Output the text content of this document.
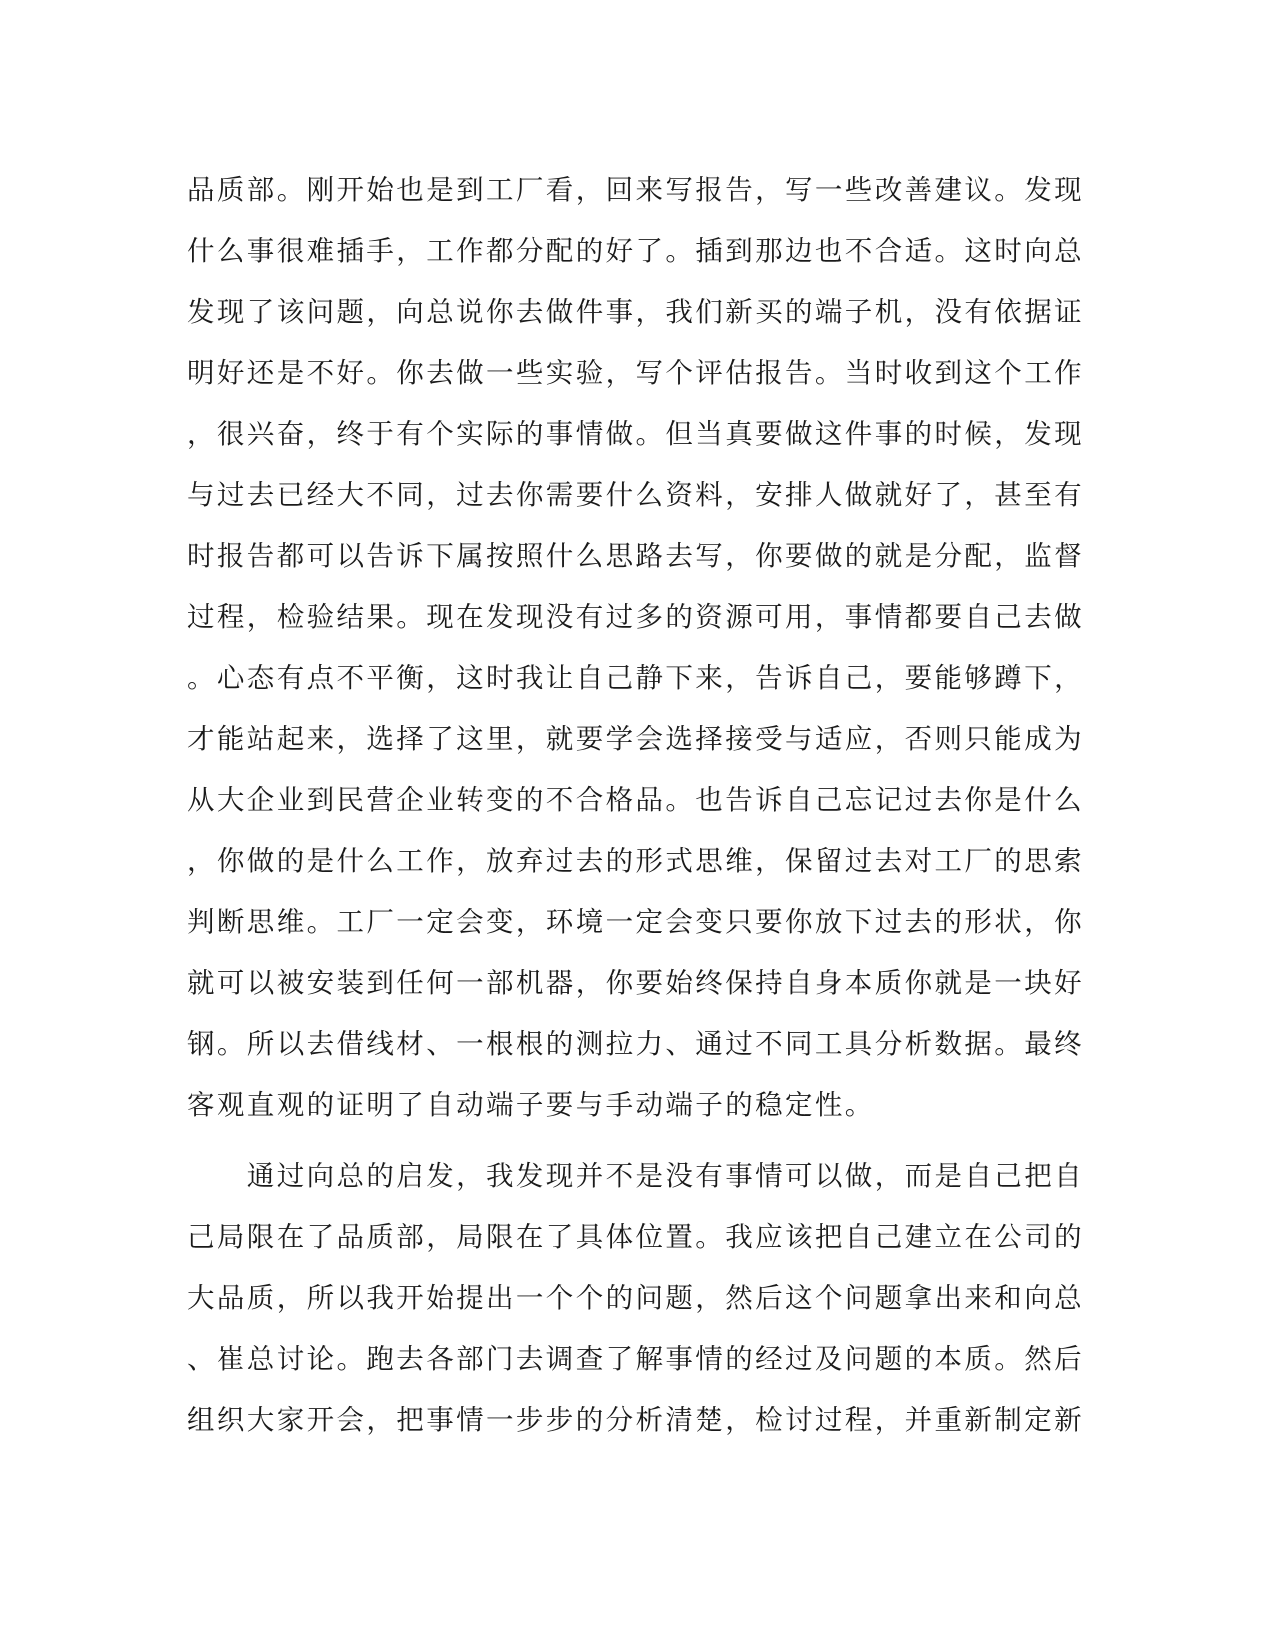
品质部。刚开始也是到工厂看，回来写报告，写一些改善建议。发现
什么事很难插手，工作都分配的好了。插到那边也不合适。这时向总
发现了该问题，向总说你去做件事，我们新买的端子机，没有依据证
明好还是不好。你去做一些实验，写个评估报告。当时收到这个工作
，很兴奋，终于有个实际的事情做。但当真要做这件事的时候，发现
与过去已经大不同，过去你需要什么资料，安排人做就好了，甚至有
时报告都可以告诉下属按照什么思路去写，你要做的就是分配，监督
过程，检验结果。现在发现没有过多的资源可用，事情都要自己去做
。心态有点不平衡，这时我让自己静下来，告诉自己，要能够蹲下，
才能站起来，选择了这里，就要学会选择接受与适应，否则只能成为
从大企业到民营企业转变的不合格品。也告诉自己忘记过去你是什么
，你做的是什么工作，放弃过去的形式思维，保留过去对工厂的思索
判断思维。工厂一定会变，环境一定会变只要你放下过去的形状，你
就可以被安装到任何一部机器，你要始终保持自身本质你就是一块好
钢。所以去借线材、一根根的测拉力、通过不同工具分析数据。最终
客观直观的证明了自动端子要与手动端子的稳定性。
　　通过向总的启发，我发现并不是没有事情可以做，而是自己把自
己局限在了品质部，局限在了具体位置。我应该把自己建立在公司的
大品质，所以我开始提出一个个的问题，然后这个问题拿出来和向总
、崔总讨论。跑去各部门去调查了解事情的经过及问题的本质。然后
组织大家开会，把事情一步步的分析清楚，检讨过程，并重新制定新
